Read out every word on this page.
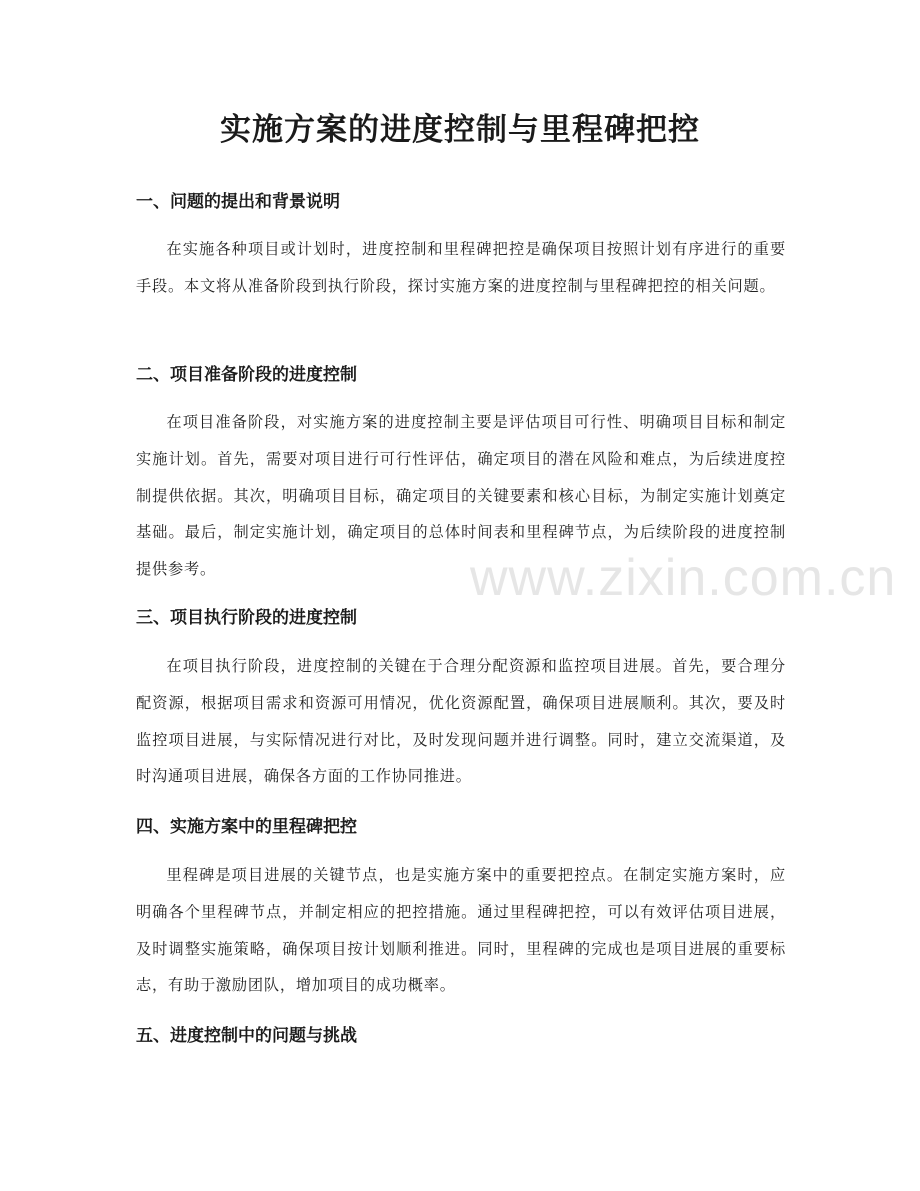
www.zixin.com.cn
实施方案的进度控制与里程碑把控
一、问题的提出和背景说明

在实施各种项目或计划时，进度控制和里程碑把控是确保项目按照计划有序进行的重要手段。本文将从准备阶段到执行阶段，探讨实施方案的进度控制与里程碑把控的相关问题。

二、项目准备阶段的进度控制

在项目准备阶段，对实施方案的进度控制主要是评估项目可行性、明确项目目标和制定实施计划。首先，需要对项目进行可行性评估，确定项目的潜在风险和难点，为后续进度控制提供依据。其次，明确项目目标，确定项目的关键要素和核心目标，为制定实施计划奠定基础。最后，制定实施计划，确定项目的总体时间表和里程碑节点，为后续阶段的进度控制提供参考。

三、项目执行阶段的进度控制

在项目执行阶段，进度控制的关键在于合理分配资源和监控项目进展。首先，要合理分配资源，根据项目需求和资源可用情况，优化资源配置，确保项目进展顺利。其次，要及时监控项目进展，与实际情况进行对比，及时发现问题并进行调整。同时，建立交流渠道，及时沟通项目进展，确保各方面的工作协同推进。

四、实施方案中的里程碑把控

里程碑是项目进展的关键节点，也是实施方案中的重要把控点。在制定实施方案时，应明确各个里程碑节点，并制定相应的把控措施。通过里程碑把控，可以有效评估项目进展，及时调整实施策略，确保项目按计划顺利推进。同时，里程碑的完成也是项目进展的重要标志，有助于激励团队，增加项目的成功概率。

五、进度控制中的问题与挑战
